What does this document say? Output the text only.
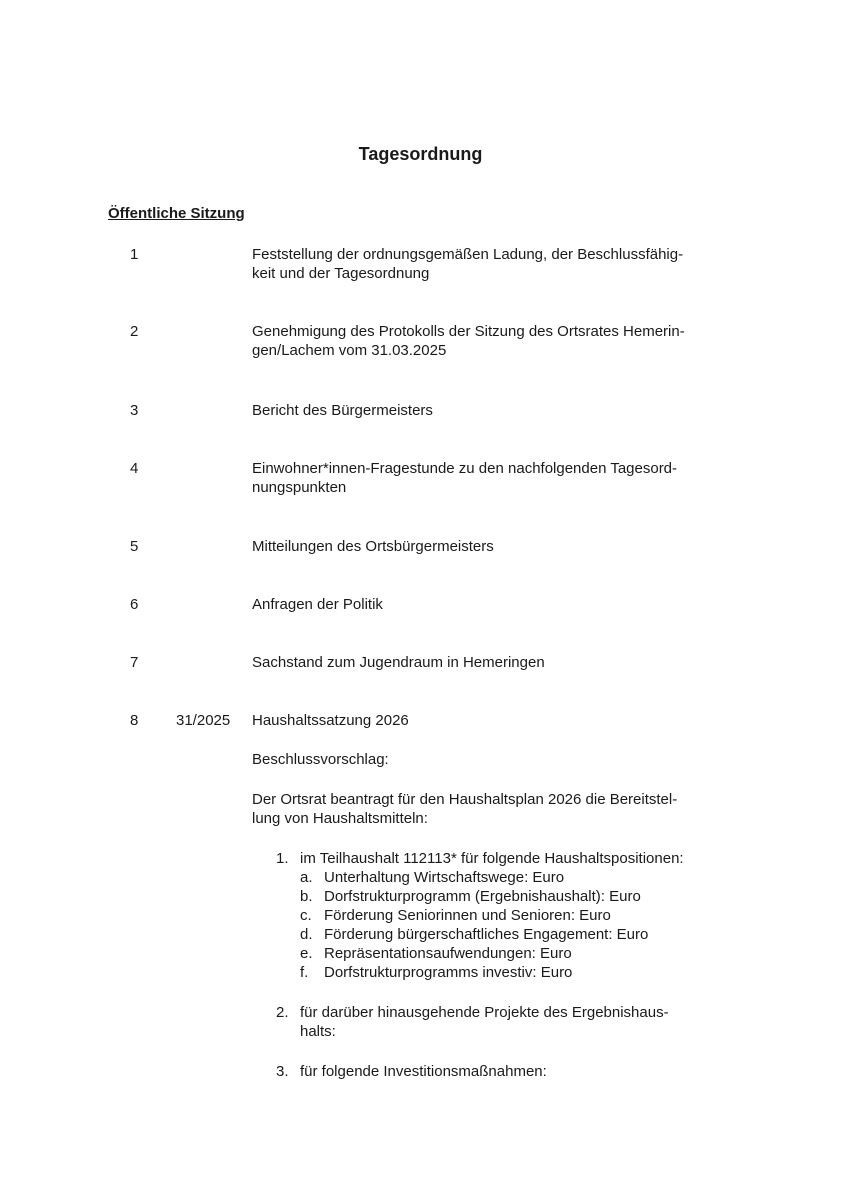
Tagesordnung
Öffentliche Sitzung
1	Feststellung der ordnungsgemäßen Ladung, der Beschlussfähig-
keit und der Tagesordnung
2	Genehmigung des Protokolls der Sitzung des Ortsrates Hemerin-
gen/Lachem vom 31.03.2025
3	Bericht des Bürgermeisters
4	Einwohner*innen-Fragestunde zu den nachfolgenden Tagesord-
nungspunkten
5	Mitteilungen des Ortsbürgermeisters
6	Anfragen der Politik
7	Sachstand zum Jugendraum in Hemeringen
8	31/2025 Haushaltssatzung 2026
Beschlussvorschlag:
Der Ortsrat beantragt für den Haushaltsplan 2026 die Bereitstel-
lung von Haushaltsmitteln:
1. im Teilhaushalt 112113* für folgende Haushaltspositionen:
a. Unterhaltung Wirtschaftswege: Euro
b. Dorfstrukturprogramm (Ergebnishaushalt): Euro
c. Förderung Seniorinnen und Senioren: Euro
d. Förderung bürgerschaftliches Engagement: Euro
e. Repräsentationsaufwendungen: Euro
f. Dorfstrukturprogramms investiv: Euro
2. für darüber hinausgehende Projekte des Ergebnishaus-
halts:
3. für folgende Investitionsmaßnahmen:
